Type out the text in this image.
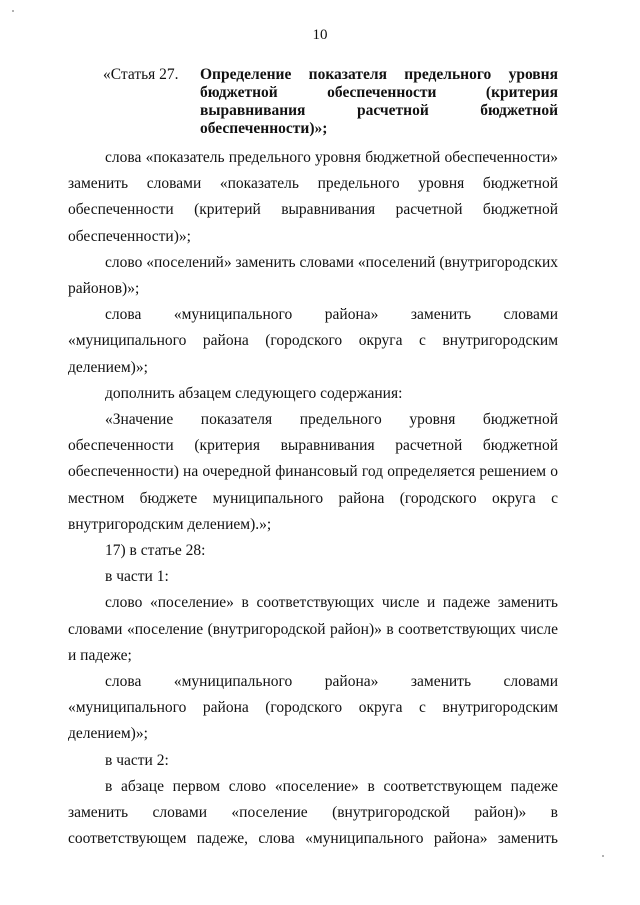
10
«Статья 27.	Определение показателя предельного уровня
бюджетной обеспеченности (критерия
выравнивания расчетной бюджетной
обеспеченности)»;

слова «показатель предельного уровня бюджетной обеспеченности» заменить словами «показатель предельного уровня бюджетной обеспеченности (критерий выравнивания расчетной бюджетной обеспеченности)»;

слово «поселений» заменить словами «поселений (внутригородских районов)»;

слова «муниципального района» заменить словами «муниципального района (городского округа с внутригородским делением)»;

дополнить абзацем следующего содержания:

«Значение показателя предельного уровня бюджетной обеспеченности (критерия выравнивания расчетной бюджетной обеспеченности) на очередной финансовый год определяется решением о местном бюджете муниципального района (городского округа с внутригородским делением).»;

17) в статье 28:

в части 1:

слово «поселение» в соответствующих числе и падеже заменить словами «поселение (внутригородской район)» в соответствующих числе и падеже;

слова «муниципального района» заменить словами «муниципального района (городского округа с внутригородским делением)»;

в части 2:

в абзаце первом слово «поселение» в соответствующем падеже заменить словами «поселение (внутригородской район)» в соответствующем падеже, слова «муниципального района» заменить
